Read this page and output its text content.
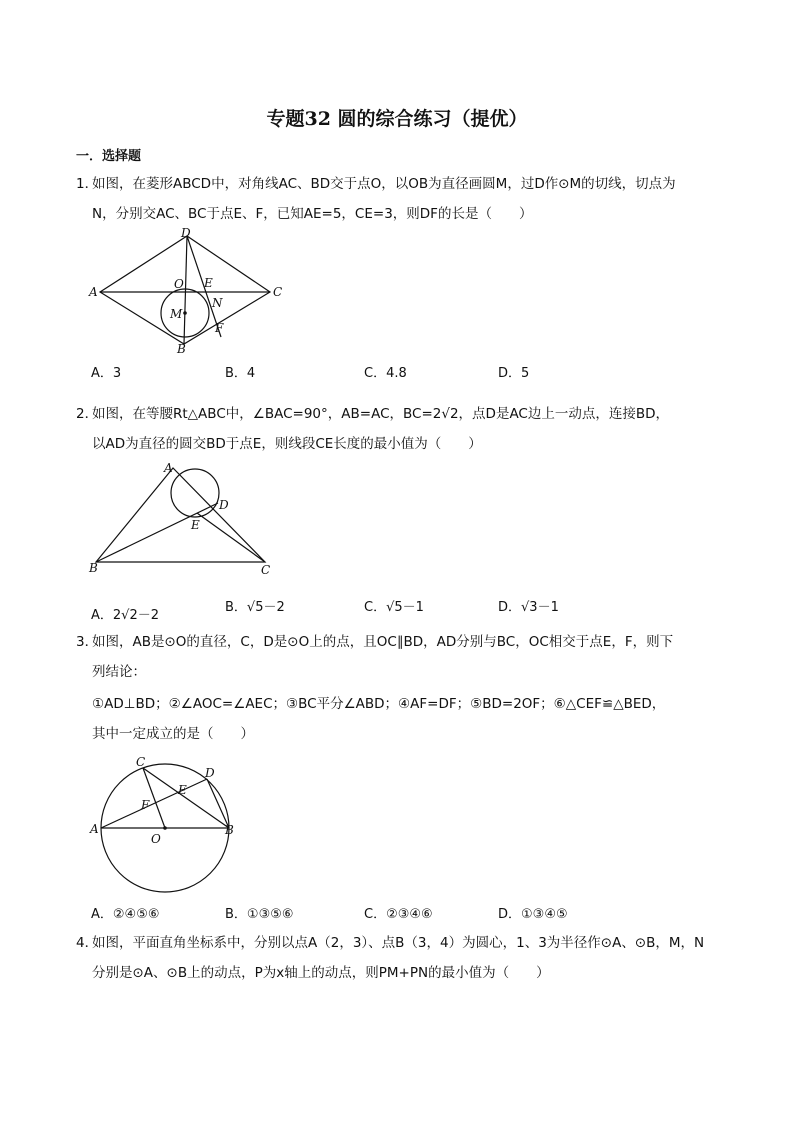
专题32 圆的综合练习（提优）
一．选择题
1．
如图，在菱形ABCD中，对角线AC、BD交于点O，以OB为直径画圆M，过D作⊙M的切线，切点为
N，分别交AC、BC于点E、F，已知AE=5，CE=3，则DF的长是（　　）
D
A	C
O E
N
F
M
B
A．3	B．4	C．4.8	D．5
2．
如图，在等腰Rt△ABC中，∠BAC=90°，AB=AC，BC=2√2，点D是AC边上一动点，连接BD，
以AD为直径的圆交BD于点E，则线段CE长度的最小值为（　　）
A
D
E
B	C
A．2√2－2
B．√5－2	C．√5－1	D．√3－1
3．
如图，AB是⊙O的直径，C，D是⊙O上的点，且OC∥BD，AD分别与BC，OC相交于点E，F，则下
列结论：
①AD⊥BD；②∠AOC=∠AEC；③BC平分∠ABD；④AF=DF；⑤BD=2OF；⑥△CEF≌△BED，
其中一定成立的是（　　）
C
D
E
F
A	B
O
A．②④⑤⑥	B．①③⑤⑥	C．②③④⑥	D．①③④⑤
4．
如图，平面直角坐标系中，分别以点A（2，3）、点B（3，4）为圆心，1、3为半径作⊙A、⊙B，M，N
分别是⊙A、⊙B上的动点，P为x轴上的动点，则PM+PN的最小值为（　　）
